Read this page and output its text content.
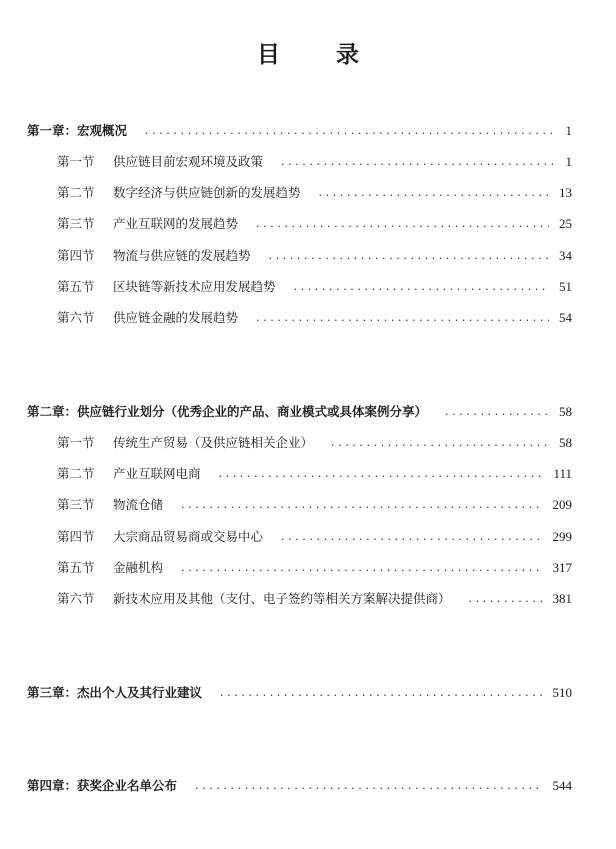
目 录
第一章：宏观概况 .....	1
第一节	供应链目前宏观环境及政策 .....	1
第二节	数字经济与供应链创新的发展趋势 .....	13
第三节	产业互联网的发展趋势 .....	25
第四节	物流与供应链的发展趋势 .....	34
第五节	区块链等新技术应用发展趋势 .....	51
第六节	供应链金融的发展趋势 .....	54
第二章：供应链行业划分（优秀企业的产品、商业模式或具体案例分享） .....	58
第一节	传统生产贸易（及供应链相关企业） .....	58
第二节	产业互联网电商 .....	111
第三节	物流仓储 .....	209
第四节	大宗商品贸易商或交易中心 .....	299
第五节	金融机构 .....	317
第六节	新技术应用及其他（支付、电子签约等相关方案解决提供商） .....	381
第三章：杰出个人及其行业建议 .....	510
第四章：获奖企业名单公布 .....	544
